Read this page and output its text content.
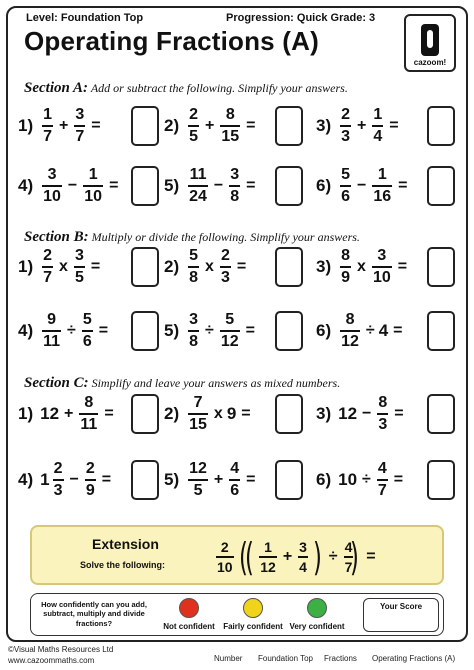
Level: Foundation Top	Progression: Quick Grade: 3
Operating Fractions (A)
cazoom!
Section A: Add or subtract the following. Simplify your answers.
Section B: Multiply or divide the following. Simplify your answers.
Section C: Simplify and leave your answers as mixed numbers.
$1) \frac{1}{7} + \frac{3}{7}$ =	$2) \frac{2}{5} + \frac{8}{15}$ =	$3) \frac{2}{3} + \frac{1}{4}$ =
$4) \frac{3}{10} - \frac{1}{10}$ =	$5) \frac{11}{24} - \frac{3}{8}$ =	$6) \frac{5}{6} - \frac{1}{16}$ =
$1) \frac{2}{7}$ x $\frac{3}{5}$ =	$2) \frac{5}{8}$ x $\frac{2}{3}$ =	$3) \frac{8}{9}$ x $\frac{3}{10}$ =
$4) \frac{9}{11} \div \frac{5}{6}$ =	$5) \frac{3}{8} \div \frac{5}{12}$ =	$6) \frac{8}{12} \div 4$ =
1) $12 + \frac{8}{11}$ =	$2) \frac{7}{15}$ x 9 =	3) $12 - \frac{8}{3}$ =
4) $1 \frac{2}{3} - \frac{2}{9}$ =	$5) \frac{12}{5} + \frac{4}{6}$ =	6) $10 \div \frac{4}{7}$ =
Extension
Solve the following:	$\frac{2}{10}$ (
( $\frac{1}{12} + \frac{3}{4}$ ) ÷ $\frac{4}{7}$
) =
How confidently can you add, subtract, multiply and divide fractions?	Not confident	Fairly confident Very confident
Your Score
©Visual Maths Resources Ltd
www.cazoommaths.com	Number Foundation Top Fractions Operating Fractions (A)
